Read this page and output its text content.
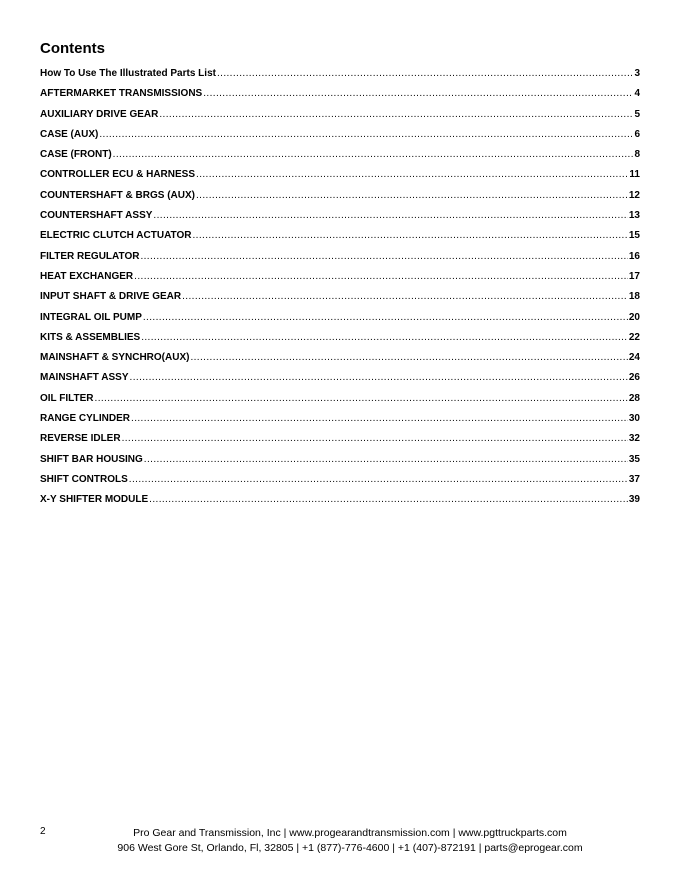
Contents
How To Use The Illustrated Parts List .....	3
AFTERMARKET TRANSMISSIONS .....	4
AUXILIARY DRIVE GEAR .....	5
CASE (AUX) .....	6
CASE (FRONT) .....	8
CONTROLLER ECU & HARNESS .....	11
COUNTERSHAFT & BRGS (AUX) .....	12
COUNTERSHAFT ASSY .....	13
ELECTRIC CLUTCH ACTUATOR .....	15
FILTER REGULATOR .....	16
HEAT EXCHANGER .....	17
INPUT SHAFT & DRIVE GEAR .....	18
INTEGRAL OIL PUMP .....	20
KITS & ASSEMBLIES .....	22
MAINSHAFT & SYNCHRO(AUX) .....	24
MAINSHAFT ASSY .....	26
OIL FILTER .....	28
RANGE CYLINDER .....	30
REVERSE IDLER .....	32
SHIFT BAR HOUSING .....	35
SHIFT CONTROLS .....	37
X-Y SHIFTER MODULE .....	39
2	Pro Gear and Transmission, Inc | www.progearandtransmission.com | www.pgttruckparts.com
906 West Gore St, Orlando, Fl, 32805 | +1 (877)-776-4600 | +1 (407)-872191 | parts@eprogear.com
